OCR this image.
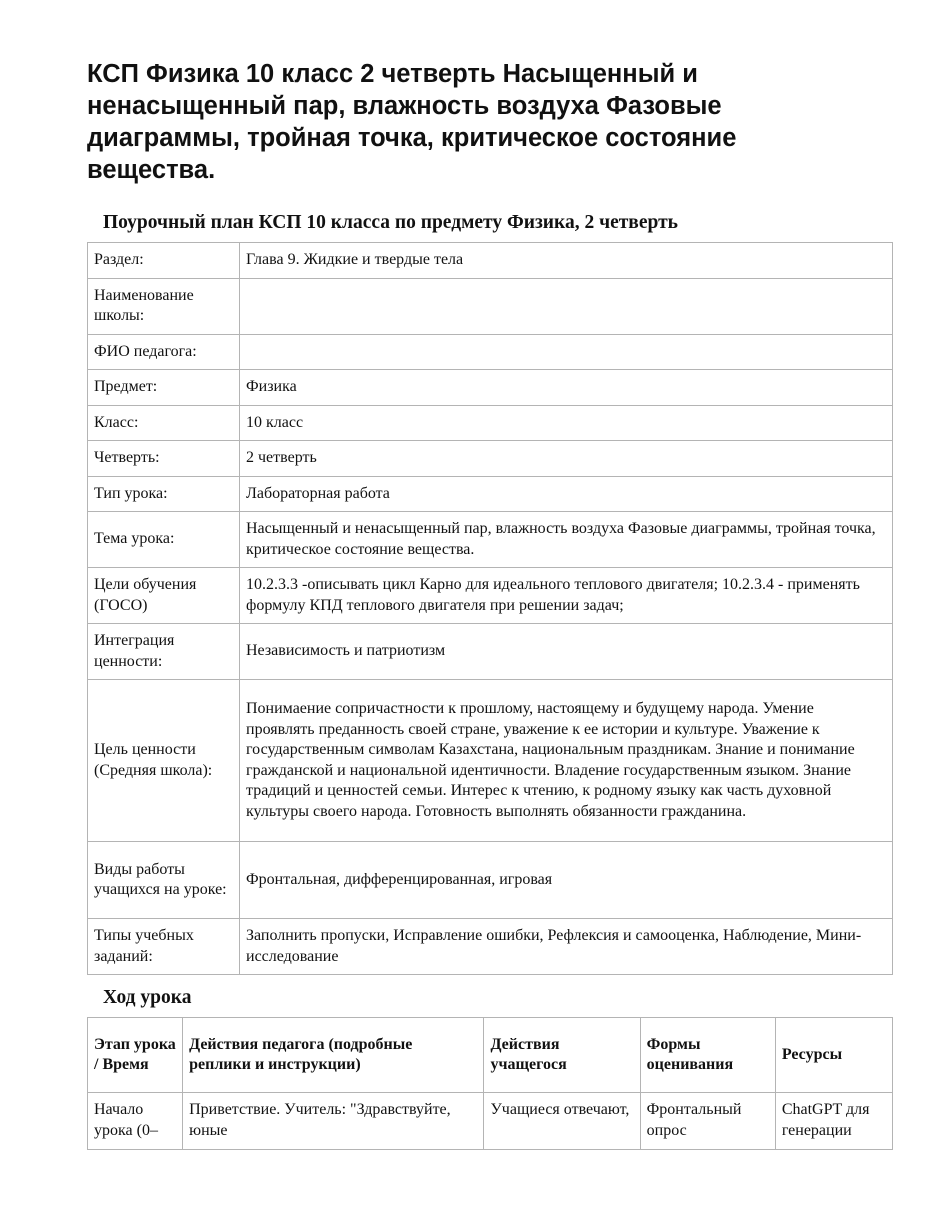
КСП Физика 10 класс 2 четверть Насыщенный и ненасыщенный пар, влажность воздуха Фазовые диаграммы, тройная точка, критическое состояние вещества.
Поурочный план КСП 10 класса по предмету Физика, 2 четверть
Раздел:	Глава 9. Жидкие и твердые тела
Наименование школы:	
ФИО педагога:	
Предмет:	Физика
Класс:	10 класс
Четверть:	2 четверть
Тип урока:	Лабораторная работа
Тема урока:	Насыщенный и ненасыщенный пар, влажность воздуха Фазовые диаграммы, тройная точка, критическое состояние вещества.
Цели обучения (ГОСО)	10.2.3.3 -описывать цикл Карно для идеального теплового двигателя; 10.2.3.4 - применять формулу КПД теплового двигателя при решении задач;
Интеграция ценности:	Независимость и патриотизм
Цель ценности (Средняя школа):	Понимаение сопричастности к прошлому, настоящему и будущему народа. Умение проявлять преданность своей стране, уважение к ее истории и культуре. Уважение к государственным символам Казахстана, национальным праздникам. Знание и понимание гражданской и национальной идентичности. Владение государственным языком. Знание традиций и ценностей семьи. Интерес к чтению, к родному языку как часть духовной культуры своего народа. Готовность выполнять обязанности гражданина.
Виды работы учащихся на уроке:	Фронтальная, дифференцированная, игровая
Типы учебных заданий:	Заполнить пропуски, Исправление ошибки, Рефлексия и самооценка, Наблюдение, Мини-исследование
Ход урока
Этап урока / Время	Действия педагога (подробные реплики и инструкции)	Действия учащегося	Формы оценивания	Ресурсы
Начало урока (0–	Приветствие. Учитель: "Здравствуйте, юные	Учащиеся отвечают,	Фронтальный опрос	ChatGPT для генерации
